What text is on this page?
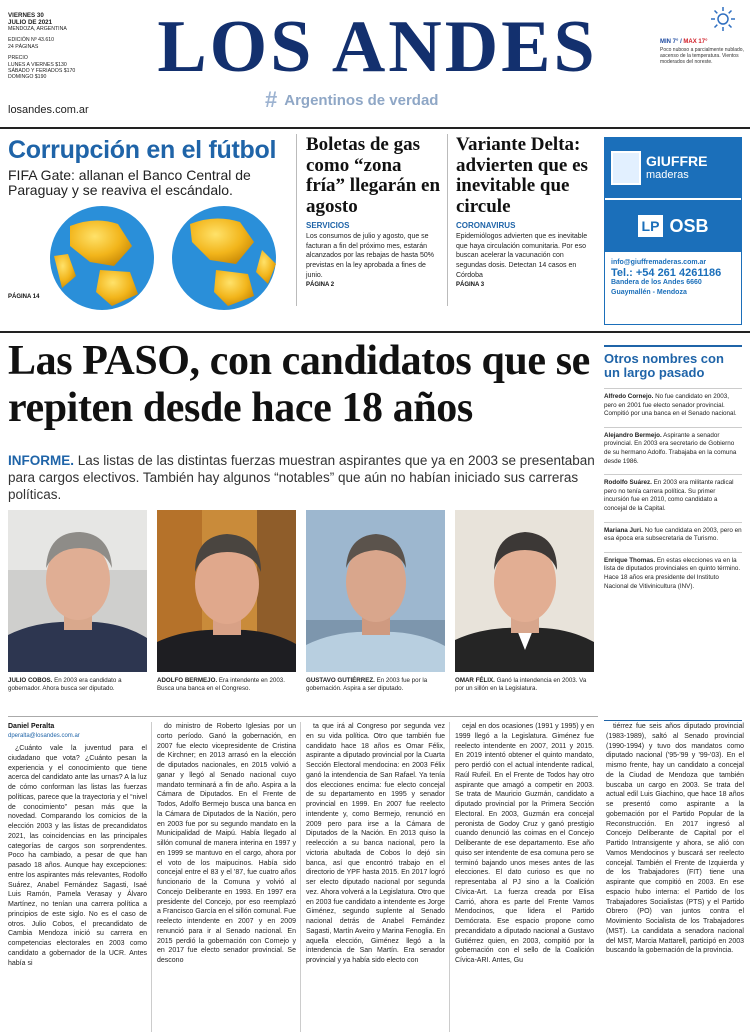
VIERNES 30
JULIO DE 2021
MENDOZA, ARGENTINA
EDICIÓN Nº 43.610
24 PÁGINAS
PRECIO
LUNES A VIERNES $130
SÁBADO Y FERIADOS $170
DOMINGO $190
losandes.com.ar
LOS ANDES
# Argentinos de verdad
MIN 7° / MAX 17°
Poco nuboso a parcialmente nublado, ascenso de la temperatura. Vientos moderados del noreste.
Corrupción en el fútbol
FIFA Gate: allanan el Banco Central de Paraguay y se reaviva el escándalo.
PÁGINA 14
Boletas de gas como “zona fría” llegarán en agosto
SERVICIOS
Los consumos de julio y agosto, que se facturan a fin del próximo mes, estarán alcanzados por las rebajas de hasta 50% previstas en la ley aprobada a fines de junio.
PÁGINA 2
Variante Delta: advierten que es inevitable que circule
CORONAVIRUS
Epidemiólogos advierten que es inevitable que haya circulación comunitaria. Por eso buscan acelerar la vacunación con segundas dosis. Detectan 14 casos en Córdoba
PÁGINA 3
GIUFFRE
maderas
LP OSB
info@giuffremaderas.com.ar
Tel.: +54 261 4261186
Bandera de los Andes 6660
Guaymallén - Mendoza
Las PASO, con candidatos que se repiten desde hace 18 años
INFORME. Las listas de las distintas fuerzas muestran aspirantes que ya en 2003 se presentaban para cargos electivos. También hay algunos “notables” que aún no habían iniciado sus carreras políticas.
JULIO COBOS. En 2003 era candidato a gobernador. Ahora busca ser diputado.
ADOLFO BERMEJO. Era intendente en 2003. Busca una banca en el Congreso.
GUSTAVO GUTIÉRREZ. En 2003 fue por la gobernación. Aspira a ser diputado.
OMAR FÉLIX. Ganó la intendencia en 2003. Va por un sillón en la Legislatura.
Daniel Peralta
dperalta@losandes.com.ar

¿Cuánto vale la juventud para el ciudadano que vota? ¿Cuánto pesan la experiencia y el conocimiento que tiene acerca del candidato ante las urnas? A la luz de cómo conforman las listas las fuerzas políticas, parece que la trayectoria y el “nivel de conocimiento” pesan más que la novedad. Comparando los comicios de la elección 2003 y las listas de precandidatos 2021, las coincidencias en las principales categorías de cargos son sorprendentes. Poco ha cambiado, a pesar de que han pasado 18 años. Aunque hay excepciones: entre los aspirantes más relevantes, Rodolfo Suárez, Anabel Fernández Sagasti, Isaé Luis Ramón, Pamela Verasay y Álvaro Martínez, no tenían una carrera política a principios de este siglo. No es el caso de otros. Julio Cobos, el precandidato de Cambia Mendoza inició su carrera en competencias electorales en 2003 como candidato a gobernador de la UCR. Antes había si

do ministro de Roberto Iglesias por un corto período. Ganó la gobernación, en 2007 fue electo vicepresidente de Cristina de Kirchner; en 2013 arrasó en la elección de diputados nacionales, en 2015 volvió a ganar y llegó al Senado nacional cuyo mandato terminará a fin de año. Aspira a la Cámara de Diputados. En el Frente de Todos, Adolfo Bermejo busca una banca en la Cámara de Diputados de la Nación, pero en 2003 fue por su segundo mandato en la Municipalidad de Maipú. Había llegado al sillón comunal de manera interina en 1997 y en 1999 se mantuvo en el cargo, ahora por el voto de los maipucinos. Había sido concejal entre el 83 y el '87, fue cuatro años funcionario de la Comuna y volvió al Concejo Deliberante en 1993. En 1997 era presidente del Concejo, por eso reemplazó a Francisco García en el sillón comunal. Fue reelecto intendente en 2007 y en 2009 renunció para ir al Senado nacional. En 2015 perdió la gobernación con Cornejo y en 2017 fue electo senador provincial. Se descono

ta que irá al Congreso por segunda vez en su vida política. Otro que también fue candidato hace 18 años es Omar Félix, aspirante a diputado provincial por la Cuarta Sección Electoral mendocina: en 2003 Félix ganó la intendencia de San Rafael. Ya tenía dos elecciones encima: fue electo concejal de su departamento en 1995 y senador provincial en 1999. En 2007 fue reelecto intendente y, como Bermejo, renunció en 2009 pero para irse a la Cámara de Diputados de la Nación. En 2013 quiso la reelección a su banca nacional, pero la victoria abultada de Cobos lo dejó sin banca, así que encontró trabajo en el directorio de YPF hasta 2015. En 2017 logró ser electo diputado nacional por segunda vez. Ahora volverá a la Legislatura. Otro que en 2003 fue candidato a intendente es Jorge Giménez, segundo suplente al Senado nacional detrás de Anabel Fernández Sagasti, Martín Aveiro y Marina Fenoglia. En aquella elección, Giménez llegó a la intendencia de San Martín. Era senador provincial y ya había sido electo con

cejal en dos ocasiones (1991 y 1995) y en 1999 llegó a la Legislatura. Giménez fue reelecto intendente en 2007, 2011 y 2015. En 2019 intentó obtener el quinto mandato, pero perdió con el actual intendente radical, Raúl Rufeil. En el Frente de Todos hay otro aspirante que amagó a competir en 2003. Se trata de Mauricio Guzmán, candidato a diputado provincial por la Primera Sección Electoral. En 2003, Guzmán era concejal peronista de Godoy Cruz y ganó prestigio cuando denunció las coimas en el Concejo Deliberante de ese departamento. Ese año quiso ser intendente de esa comuna pero se terminó bajando unos meses antes de las elecciones. El dato curioso es que no representaba al PJ sino a la Coalición Cívica-Art. La fuerza creada por Elisa Carrió, ahora es parte del Frente Vamos Mendocinos, que lidera el Partido Demócrata. Ese espacio propone como precandidato a diputado nacional a Gustavo Gutiérrez quien, en 2003, compitió por la gobernación con el sello de la Coalición Cívica-ARI. Antes, Gu

Otros nombres con un largo pasado
Alfredo Cornejo. No fue candidato en 2003, pero en 2001 fue electo senador provincial. Compitió por una banca en el Senado nacional.
Alejandro Bermejo. Aspirante a senador provincial. En 2003 era secretario de Gobierno de su hermano Adolfo. Trabajaba en la comuna desde 1986.
Rodolfo Suárez. En 2003 era militante radical pero no tenía carrera política. Su primer incursión fue en 2010, como candidato a concejal de la Capital.
Mariana Juri. No fue candidata en 2003, pero en esa época era subsecretaria de Turismo.
Enrique Thomas. En estas elecciones va en la lista de diputados provinciales en quinto término. Hace 18 años era presidente del Instituto Nacional de Vitivinicultura (INV).

tiérrez fue seis años diputado provincial (1983-1989), saltó al Senado provincial (1990-1994) y tuvo dos mandatos como diputado nacional ('95-'99 y '99-'03). En el mismo frente, hay un candidato a concejal de la Ciudad de Mendoza que también buscaba un cargo en 2003. Se trata del actual edil Luis Giachino, que hace 18 años se presentó como aspirante a la gobernación por el Partido Popular de la Reconstrucción. En 2017 ingresó al Concejo Deliberante de Capital por el Partido Intransigente y ahora, se alió con Vamos Mendocinos y buscará ser reelecto concejal. También el Frente de Izquierda y de los Trabajadores (FIT) tiene una aspirante que compitió en 2003. En ese espacio hubo interna: el Partido de los Trabajadores Socialistas (PTS) y el Partido Obrero (PO) van juntos contra el Movimiento Socialista de los Trabajadores (MST). La candidata a senadora nacional del MST, Marcia Mattarell, participó en 2003 buscando la gobernación de la provincia.
